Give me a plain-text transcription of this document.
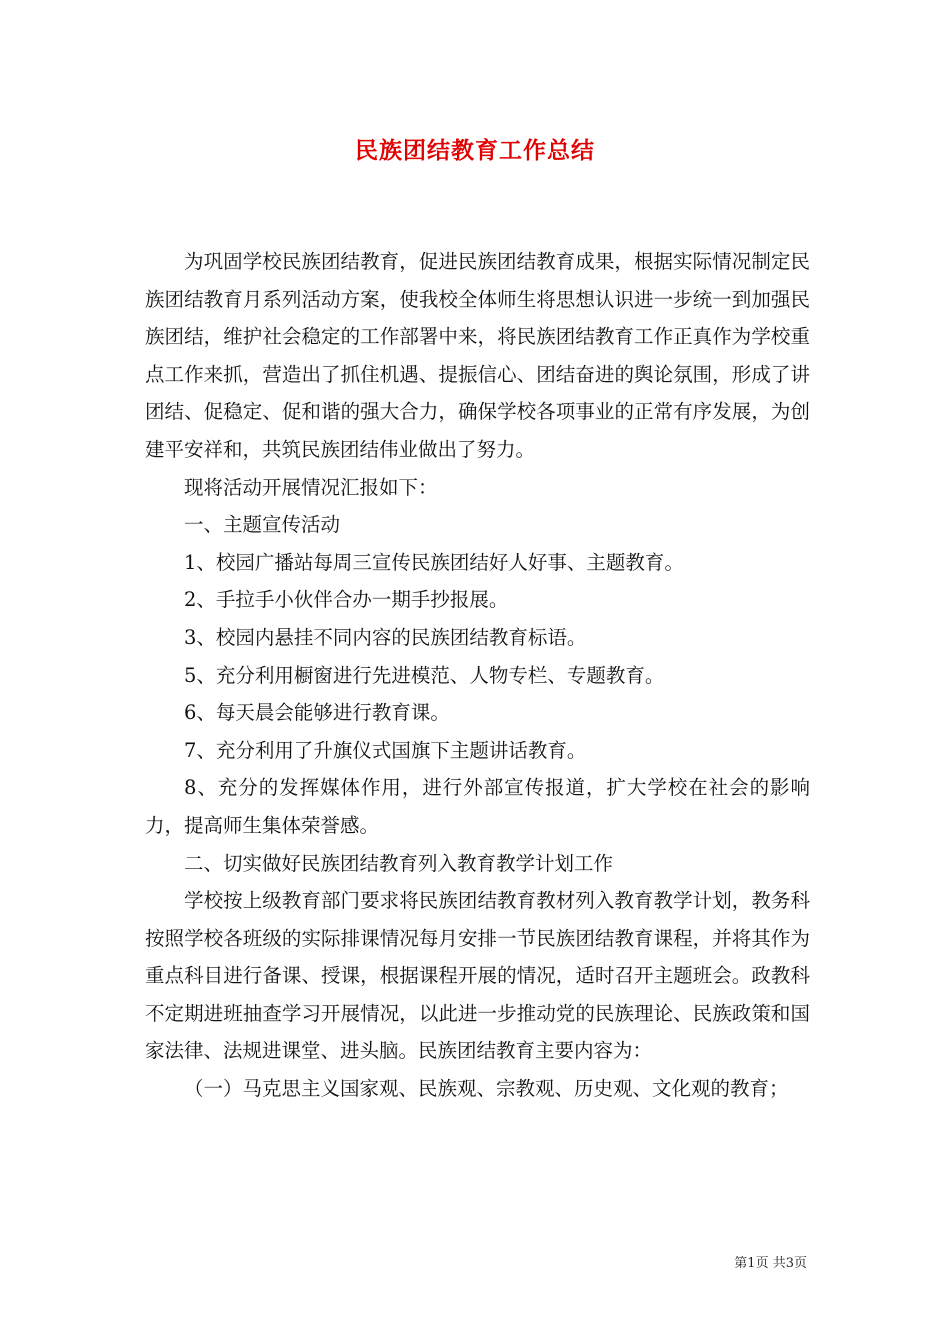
民族团结教育工作总结

为巩固学校民族团结教育，促进民族团结教育成果，根据实际情况制定民族团结教育月系列活动方案，使我校全体师生将思想认识进一步统一到加强民族团结，维护社会稳定的工作部署中来，将民族团结教育工作正真作为学校重点工作来抓，营造出了抓住机遇、提振信心、团结奋进的舆论氛围，形成了讲团结、促稳定、促和谐的强大合力，确保学校各项事业的正常有序发展，为创建平安祥和，共筑民族团结伟业做出了努力。

现将活动开展情况汇报如下：

一、主题宣传活动

1、校园广播站每周三宣传民族团结好人好事、主题教育。

2、手拉手小伙伴合办一期手抄报展。

3、校园内悬挂不同内容的民族团结教育标语。

5、充分利用橱窗进行先进模范、人物专栏、专题教育。

6、每天晨会能够进行教育课。

7、充分利用了升旗仪式国旗下主题讲话教育。

8、充分的发挥媒体作用，进行外部宣传报道，扩大学校在社会的影响力，提高师生集体荣誉感。

二、切实做好民族团结教育列入教育教学计划工作

学校按上级教育部门要求将民族团结教育教材列入教育教学计划，教务科按照学校各班级的实际排课情况每月安排一节民族团结教育课程，并将其作为重点科目进行备课、授课，根据课程开展的情况，适时召开主题班会。政教科不定期进班抽查学习开展情况，以此进一步推动党的民族理论、民族政策和国家法律、法规进课堂、进头脑。民族团结教育主要内容为：

（一）马克思主义国家观、民族观、宗教观、历史观、文化观的教育；

第1页 共3页
